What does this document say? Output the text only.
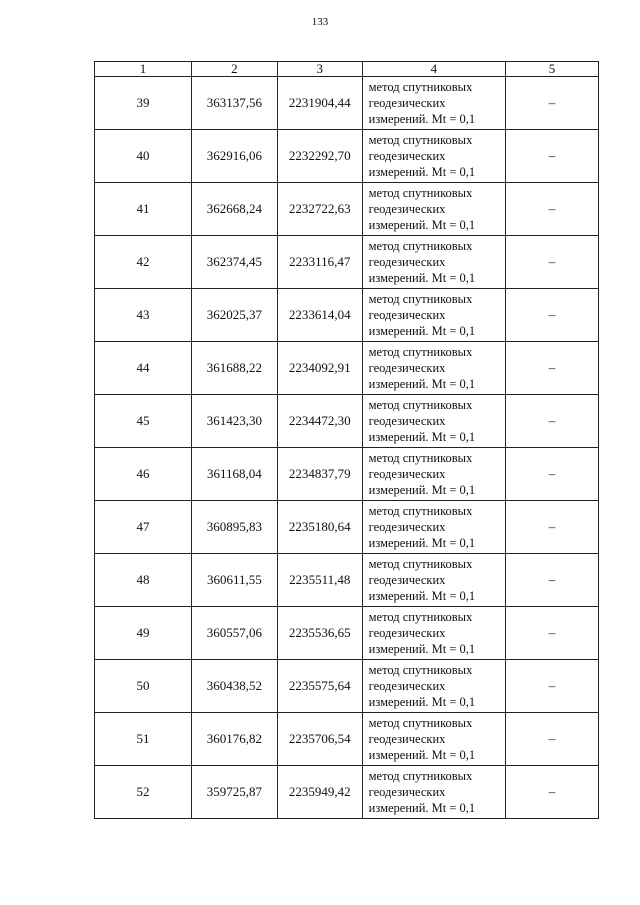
133
1	2	3	4	5
39	363137,56	2231904,44	метод спутниковых
геодезических
измерений. Mt = 0,1	–
40	362916,06	2232292,70	метод спутниковых
геодезических
измерений. Mt = 0,1	–
41	362668,24	2232722,63	метод спутниковых
геодезических
измерений. Mt = 0,1	–
42	362374,45	2233116,47	метод спутниковых
геодезических
измерений. Mt = 0,1	–
43	362025,37	2233614,04	метод спутниковых
геодезических
измерений. Mt = 0,1	–
44	361688,22	2234092,91	метод спутниковых
геодезических
измерений. Mt = 0,1	–
45	361423,30	2234472,30	метод спутниковых
геодезических
измерений. Mt = 0,1	–
46	361168,04	2234837,79	метод спутниковых
геодезических
измерений. Mt = 0,1	–
47	360895,83	2235180,64	метод спутниковых
геодезических
измерений. Mt = 0,1	–
48	360611,55	2235511,48	метод спутниковых
геодезических
измерений. Mt = 0,1	–
49	360557,06	2235536,65	метод спутниковых
геодезических
измерений. Mt = 0,1	–
50	360438,52	2235575,64	метод спутниковых
геодезических
измерений. Mt = 0,1	–
51	360176,82	2235706,54	метод спутниковых
геодезических
измерений. Mt = 0,1	–
52	359725,87	2235949,42	метод спутниковых
геодезических
измерений. Mt = 0,1	–
